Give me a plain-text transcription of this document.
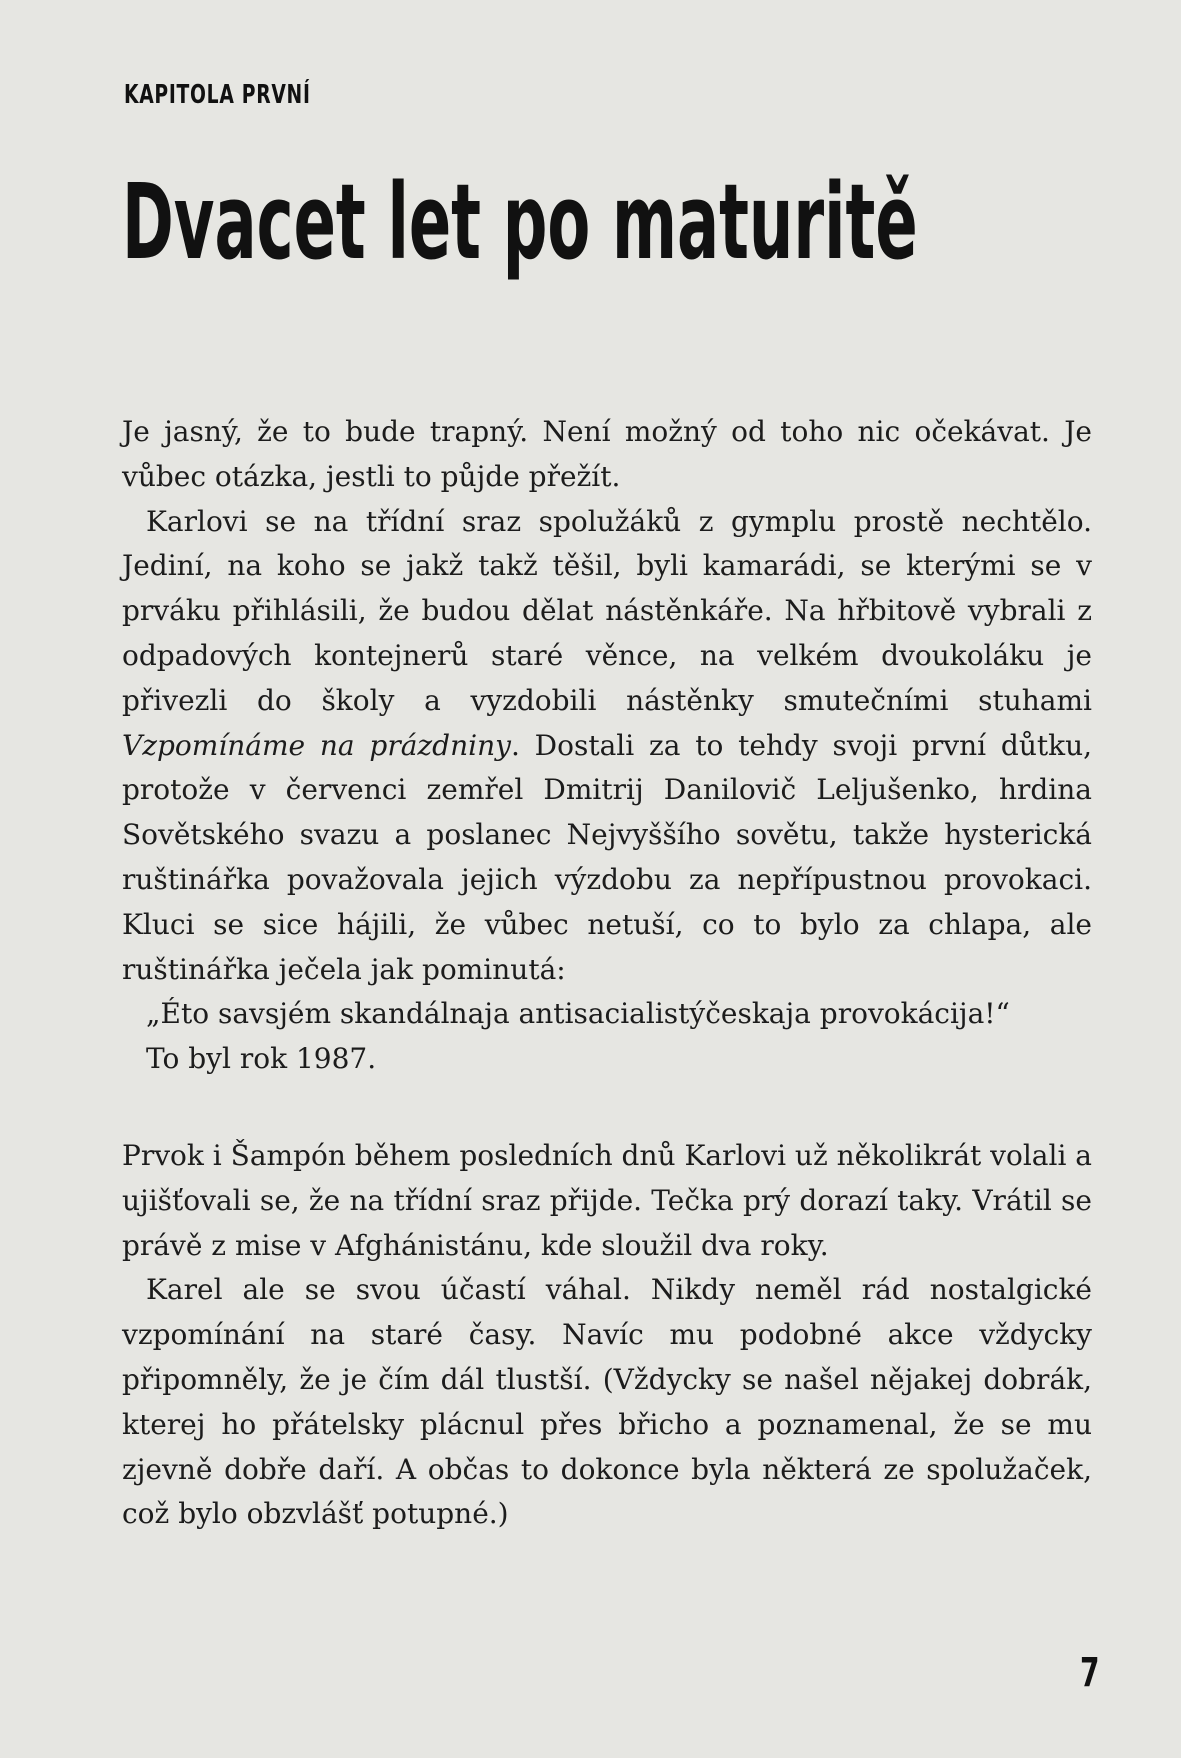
KAPITOLA PRVNÍ
Dvacet let po maturitě

Je jasný, že to bude trapný. Není možný od toho nic očekávat. Je vůbec otázka, jestli to půjde přežít.

Karlovi se na třídní sraz spolužáků z gymplu prostě nechtělo. Jediní, na koho se jakž takž těšil, byli kamarádi, se kterými se v prváku přihlásili, že budou dělat nástěnkáře. Na hřbitově vybrali z odpadových kontejnerů staré věnce, na velkém dvoukoláku je přivezli do školy a vyzdobili nástěnky smutečními stuhami Vzpomínáme na prázdniny. Dostali za to tehdy svoji první důtku, protože v červenci zemřel Dmitrij Danilovič Leljušenko, hrdina Sovětského svazu a poslanec Nejvyššího sovětu, takže hysterická ruštinářka považovala jejich výzdobu za nepřípustnou provokaci. Kluci se sice hájili, že vůbec netuší, co to bylo za chlapa, ale ruštinářka ječela jak pominutá:

„Éto savsjém skandálnaja antisacialistýčeskaja provokácija!“

To byl rok 1987.

Prvok i Šampón během posledních dnů Karlovi už několikrát volali a ujišťovali se, že na třídní sraz přijde. Tečka prý dorazí taky. Vrátil se právě z mise v Afghánistánu, kde sloužil dva roky.

Karel ale se svou účastí váhal. Nikdy neměl rád nostalgické vzpomínání na staré časy. Navíc mu podobné akce vždycky připomněly, že je čím dál tlustší. (Vždycky se našel nějakej dobrák, kterej ho přátelsky plácnul přes břicho a poznamenal, že se mu zjevně dobře daří. A občas to dokonce byla některá ze spolužaček, což bylo obzvlášť potupné.)

7
